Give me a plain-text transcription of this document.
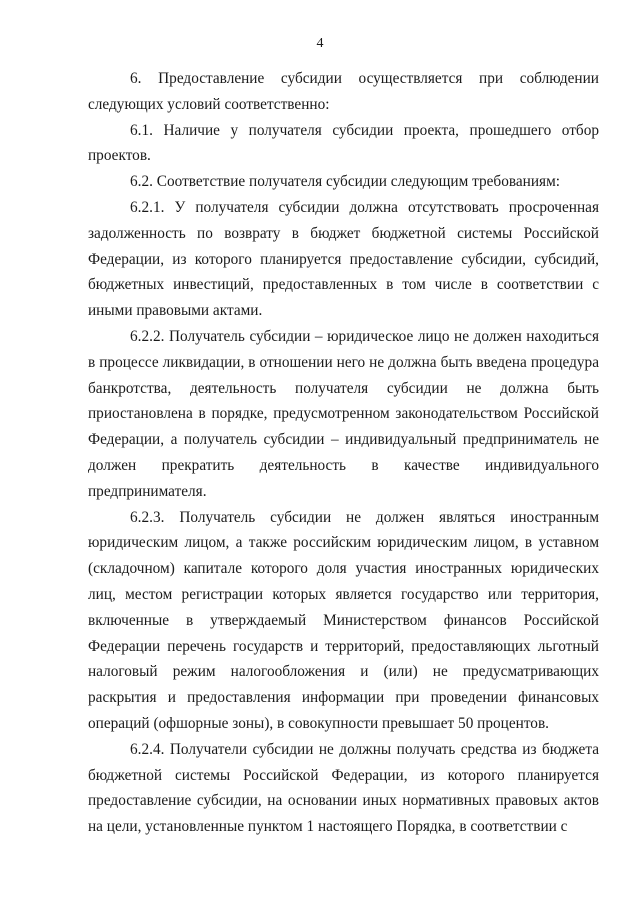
4

6. Предоставление субсидии осуществляется при соблюдении следующих условий соответственно:

6.1. Наличие у получателя субсидии проекта, прошедшего отбор проектов.

6.2. Соответствие получателя субсидии следующим требованиям:

6.2.1. У получателя субсидии должна отсутствовать просроченная задолженность по возврату в бюджет бюджетной системы Российской Федерации, из которого планируется предоставление субсидии, субсидий, бюджетных инвестиций, предоставленных в том числе в соответствии с иными правовыми актами.

6.2.2. Получатель субсидии – юридическое лицо не должен находиться в процессе ликвидации, в отношении него не должна быть введена процедура банкротства, деятельность получателя субсидии не должна быть приостановлена в порядке, предусмотренном законодательством Российской Федерации, а получатель субсидии – индивидуальный предприниматель не должен прекратить деятельность в качестве индивидуального предпринимателя.

6.2.3. Получатель субсидии не должен являться иностранным юридическим лицом, а также российским юридическим лицом, в уставном (складочном) капитале которого доля участия иностранных юридических лиц, местом регистрации которых является государство или территория, включенные в утверждаемый Министерством финансов Российской Федерации перечень государств и территорий, предоставляющих льготный налоговый режим налогообложения и (или) не предусматривающих раскрытия и предоставления информации при проведении финансовых операций (офшорные зоны), в совокупности превышает 50 процентов.

6.2.4. Получатели субсидии не должны получать средства из бюджета бюджетной системы Российской Федерации, из которого планируется предоставление субсидии, на основании иных нормативных правовых актов на цели, установленные пунктом 1 настоящего Порядка, в соответствии с
